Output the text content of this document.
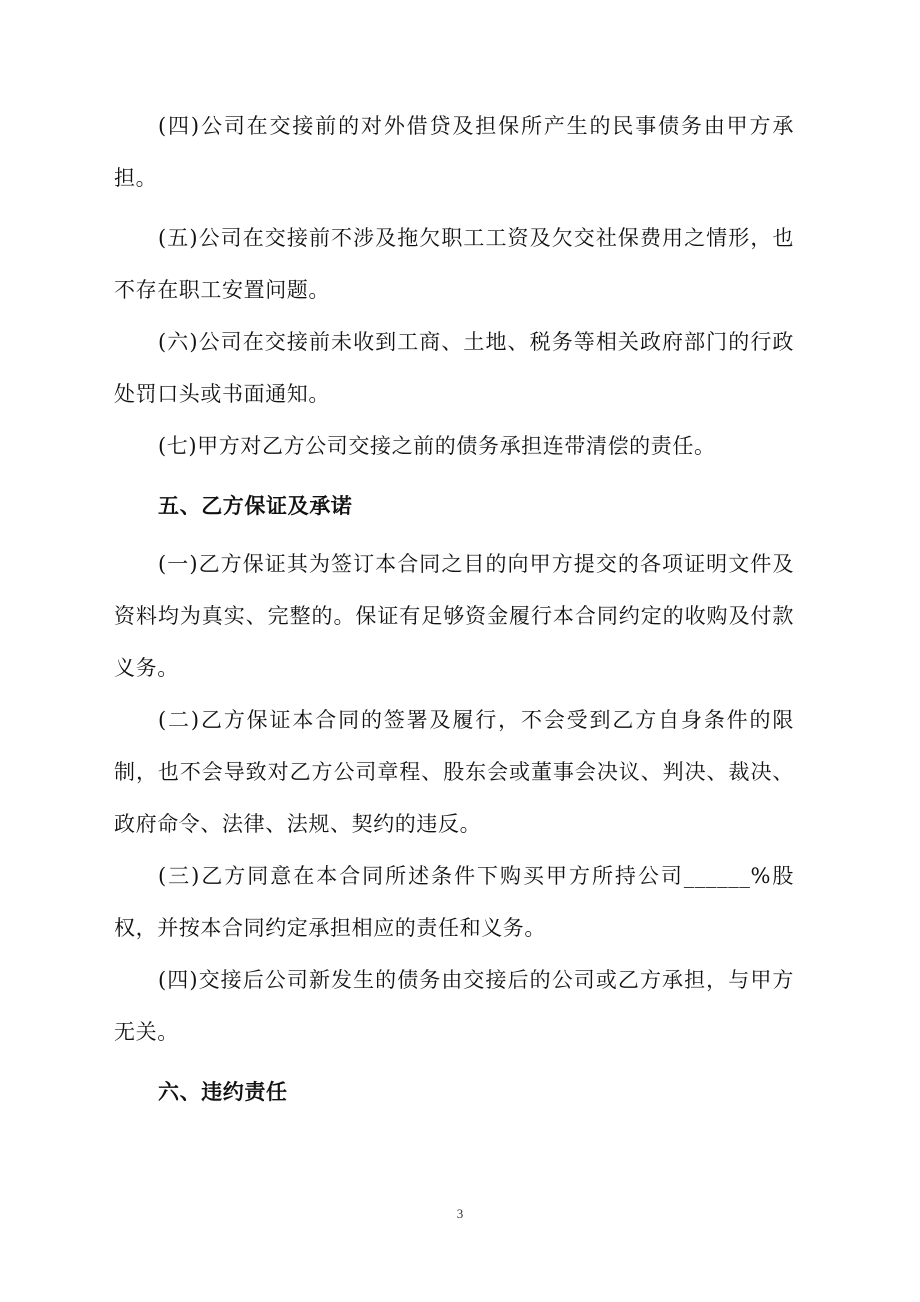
(四)公司在交接前的对外借贷及担保所产生的民事债务由甲方承担。

(五)公司在交接前不涉及拖欠职工工资及欠交社保费用之情形，也不存在职工安置问题。

(六)公司在交接前未收到工商、土地、税务等相关政府部门的行政处罚口头或书面通知。

(七)甲方对乙方公司交接之前的债务承担连带清偿的责任。

五、乙方保证及承诺

(一)乙方保证其为签订本合同之目的向甲方提交的各项证明文件及资料均为真实、完整的。保证有足够资金履行本合同约定的收购及付款义务。

(二)乙方保证本合同的签署及履行，不会受到乙方自身条件的限制，也不会导致对乙方公司章程、股东会或董事会决议、判决、裁决、政府命令、法律、法规、契约的违反。

(三)乙方同意在本合同所述条件下购买甲方所持公司______%股权，并按本合同约定承担相应的责任和义务。

(四)交接后公司新发生的债务由交接后的公司或乙方承担，与甲方无关。

六、违约责任
3
